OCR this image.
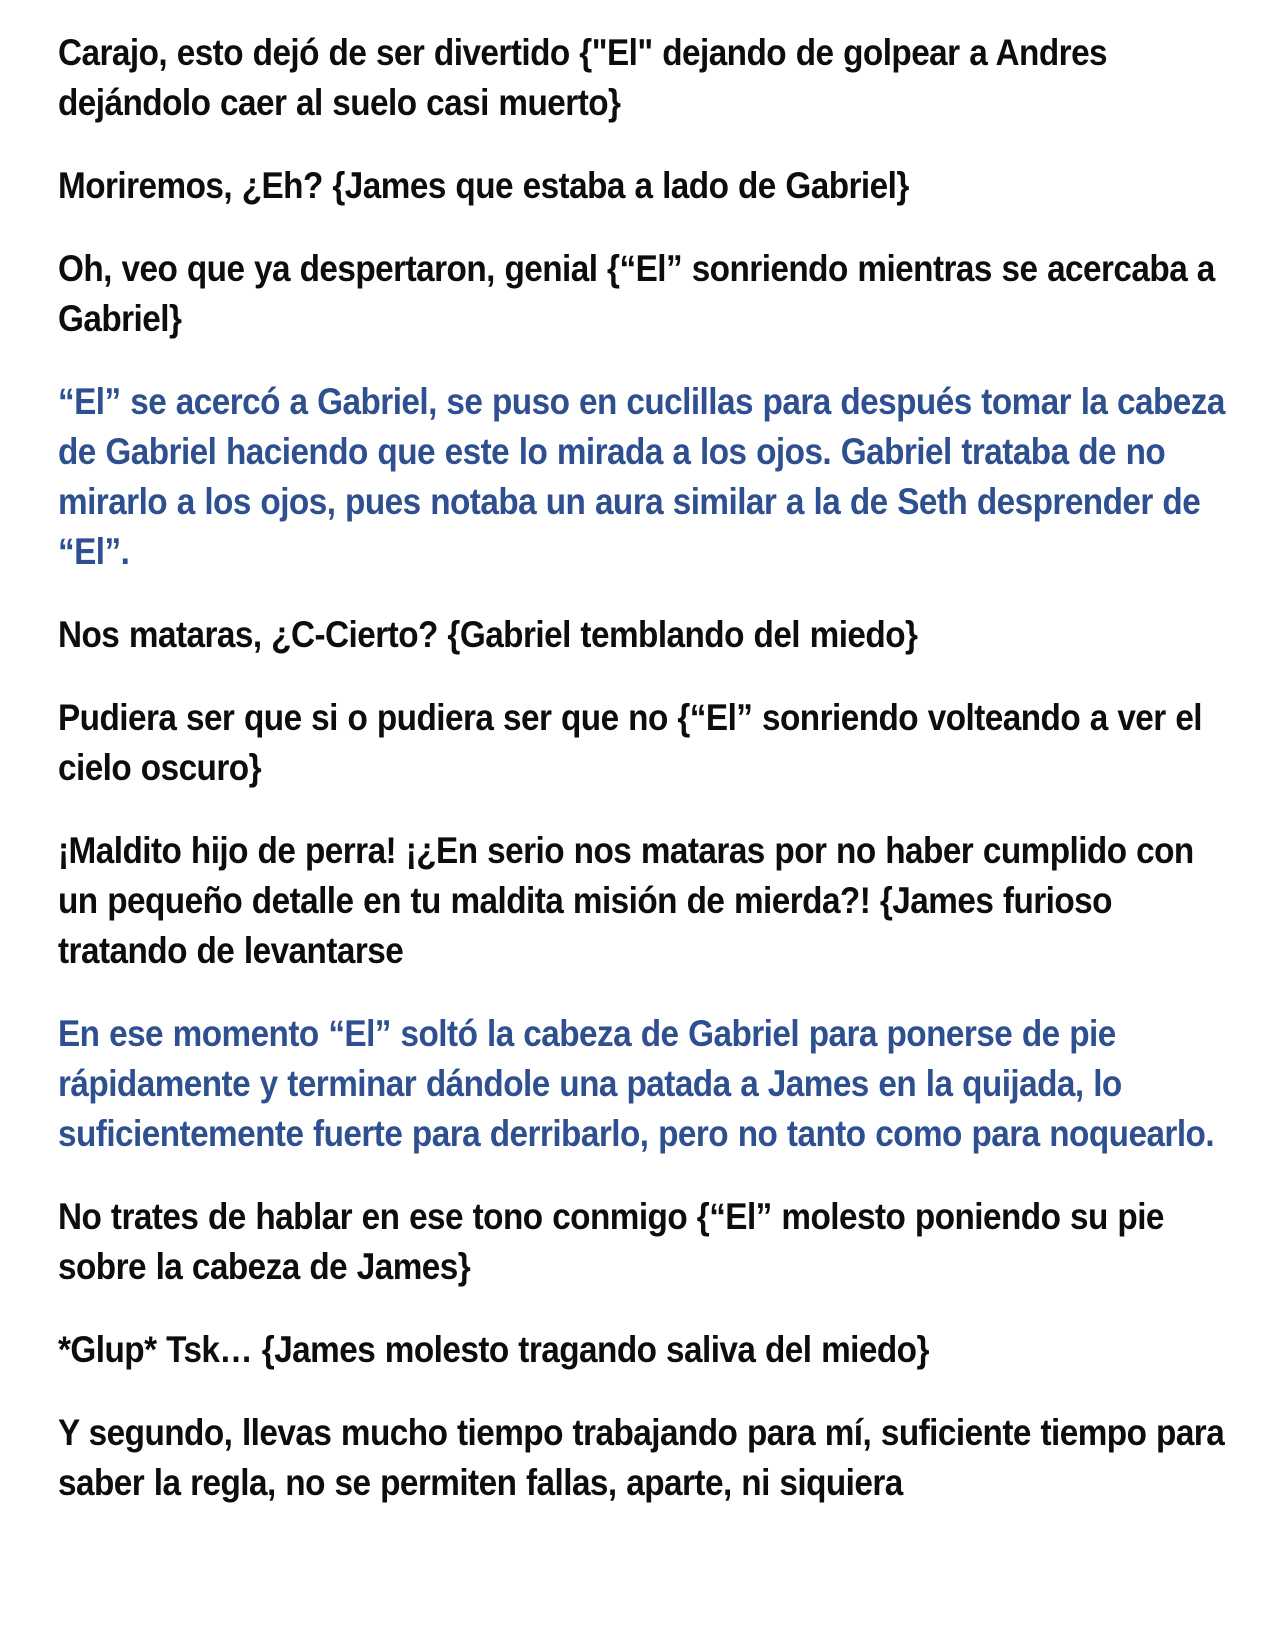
Carajo, esto dejó de ser divertido {"El" dejando de golpear a Andres dejándolo caer al suelo casi muerto}

Moriremos, ¿Eh? {James que estaba a lado de Gabriel}

Oh, veo que ya despertaron, genial {“El” sonriendo mientras se acercaba a Gabriel}

“El” se acercó a Gabriel, se puso en cuclillas para después tomar la cabeza de Gabriel haciendo que este lo mirada a los ojos. Gabriel trataba de no mirarlo a los ojos, pues notaba un aura similar a la de Seth desprender de “El”.

Nos mataras, ¿C-Cierto? {Gabriel temblando del miedo}

Pudiera ser que si o pudiera ser que no {“El” sonriendo volteando a ver el cielo oscuro}

¡Maldito hijo de perra! ¡¿En serio nos mataras por no haber cumplido con un pequeño detalle en tu maldita misión de mierda?! {James furioso tratando de levantarse

En ese momento “El” soltó la cabeza de Gabriel para ponerse de pie rápidamente y terminar dándole una patada a James en la quijada, lo suficientemente fuerte para derribarlo, pero no tanto como para noquearlo.

No trates de hablar en ese tono conmigo {“El” molesto poniendo su pie sobre la cabeza de James}

*Glup* Tsk… {James molesto tragando saliva del miedo}

Y segundo, llevas mucho tiempo trabajando para mí, suficiente tiempo para saber la regla, no se permiten fallas, aparte, ni siquiera
